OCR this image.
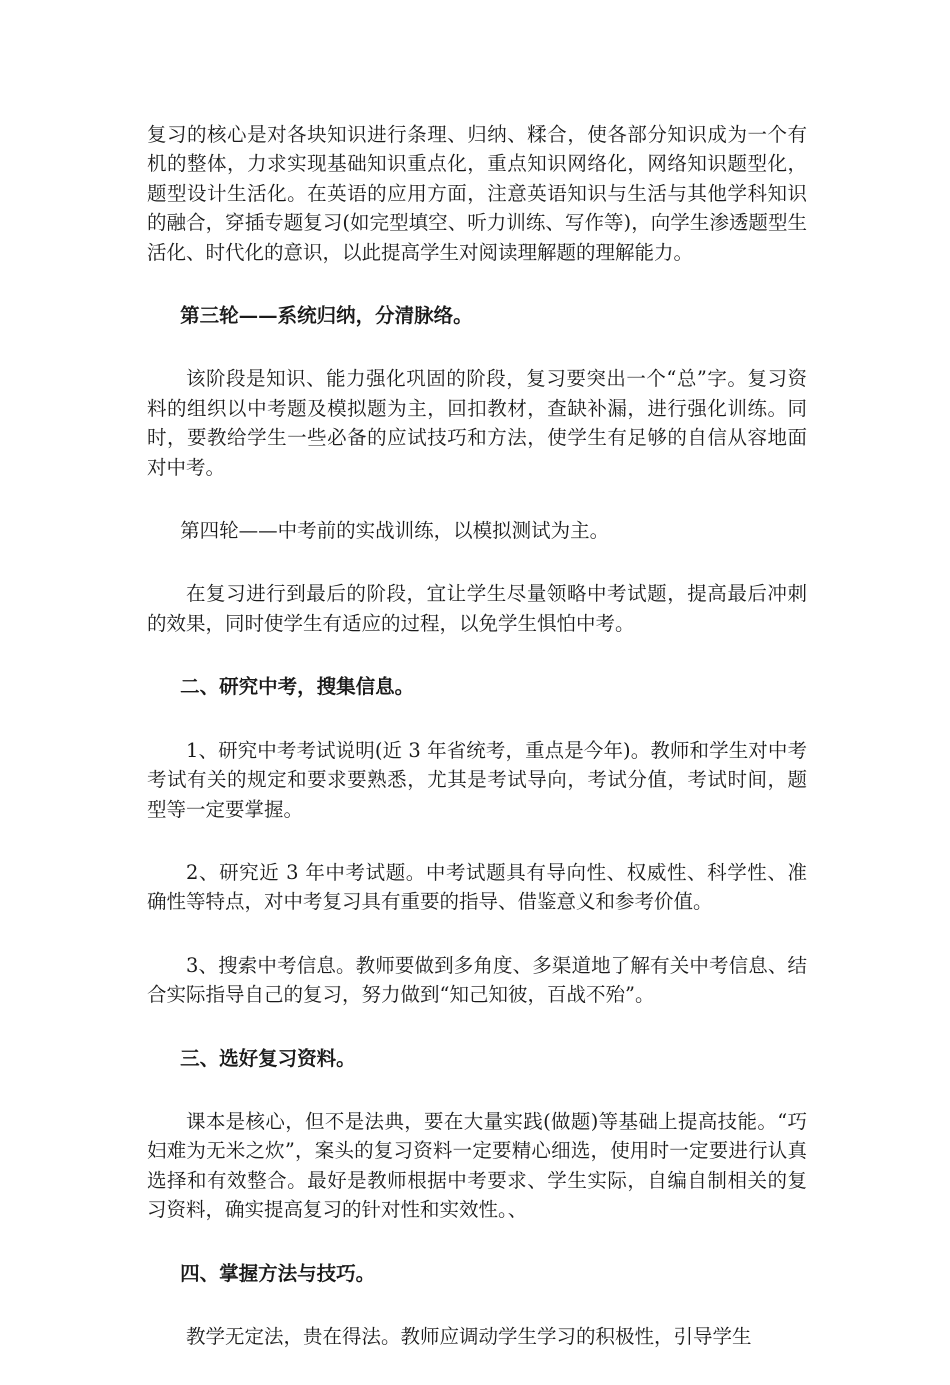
复习的核心是对各块知识进行条理、归纳、糅合，使各部分知识成为一个有机的整体，力求实现基础知识重点化，重点知识网络化，网络知识题型化，题型设计生活化。在英语的应用方面，注意英语知识与生活与其他学科知识的融合，穿插专题复习(如完型填空、听力训练、写作等)，向学生渗透题型生活化、时代化的意识，以此提高学生对阅读理解题的理解能力。

第三轮——系统归纳，分清脉络。

该阶段是知识、能力强化巩固的阶段，复习要突出一个“总”字。复习资料的组织以中考题及模拟题为主，回扣教材，查缺补漏，进行强化训练。同时，要教给学生一些必备的应试技巧和方法，使学生有足够的自信从容地面对中考。

第四轮——中考前的实战训练，以模拟测试为主。

在复习进行到最后的阶段，宜让学生尽量领略中考试题，提高最后冲刺的效果，同时使学生有适应的过程，以免学生惧怕中考。

二、研究中考，搜集信息。

1、研究中考考试说明(近 3 年省统考，重点是今年)。教师和学生对中考考试有关的规定和要求要熟悉，尤其是考试导向，考试分值，考试时间，题型等一定要掌握。

2、研究近 3 年中考试题。中考试题具有导向性、权威性、科学性、准确性等特点，对中考复习具有重要的指导、借鉴意义和参考价值。

3、搜索中考信息。教师要做到多角度、多渠道地了解有关中考信息、结合实际指导自己的复习，努力做到“知己知彼，百战不殆”。

三、选好复习资料。

课本是核心，但不是法典，要在大量实践(做题)等基础上提高技能。“巧妇难为无米之炊”，案头的复习资料一定要精心细选，使用时一定要进行认真选择和有效整合。最好是教师根据中考要求、学生实际，自编自制相关的复习资料，确实提高复习的针对性和实效性。、

四、掌握方法与技巧。

教学无定法，贵在得法。教师应调动学生学习的积极性，引导学生
